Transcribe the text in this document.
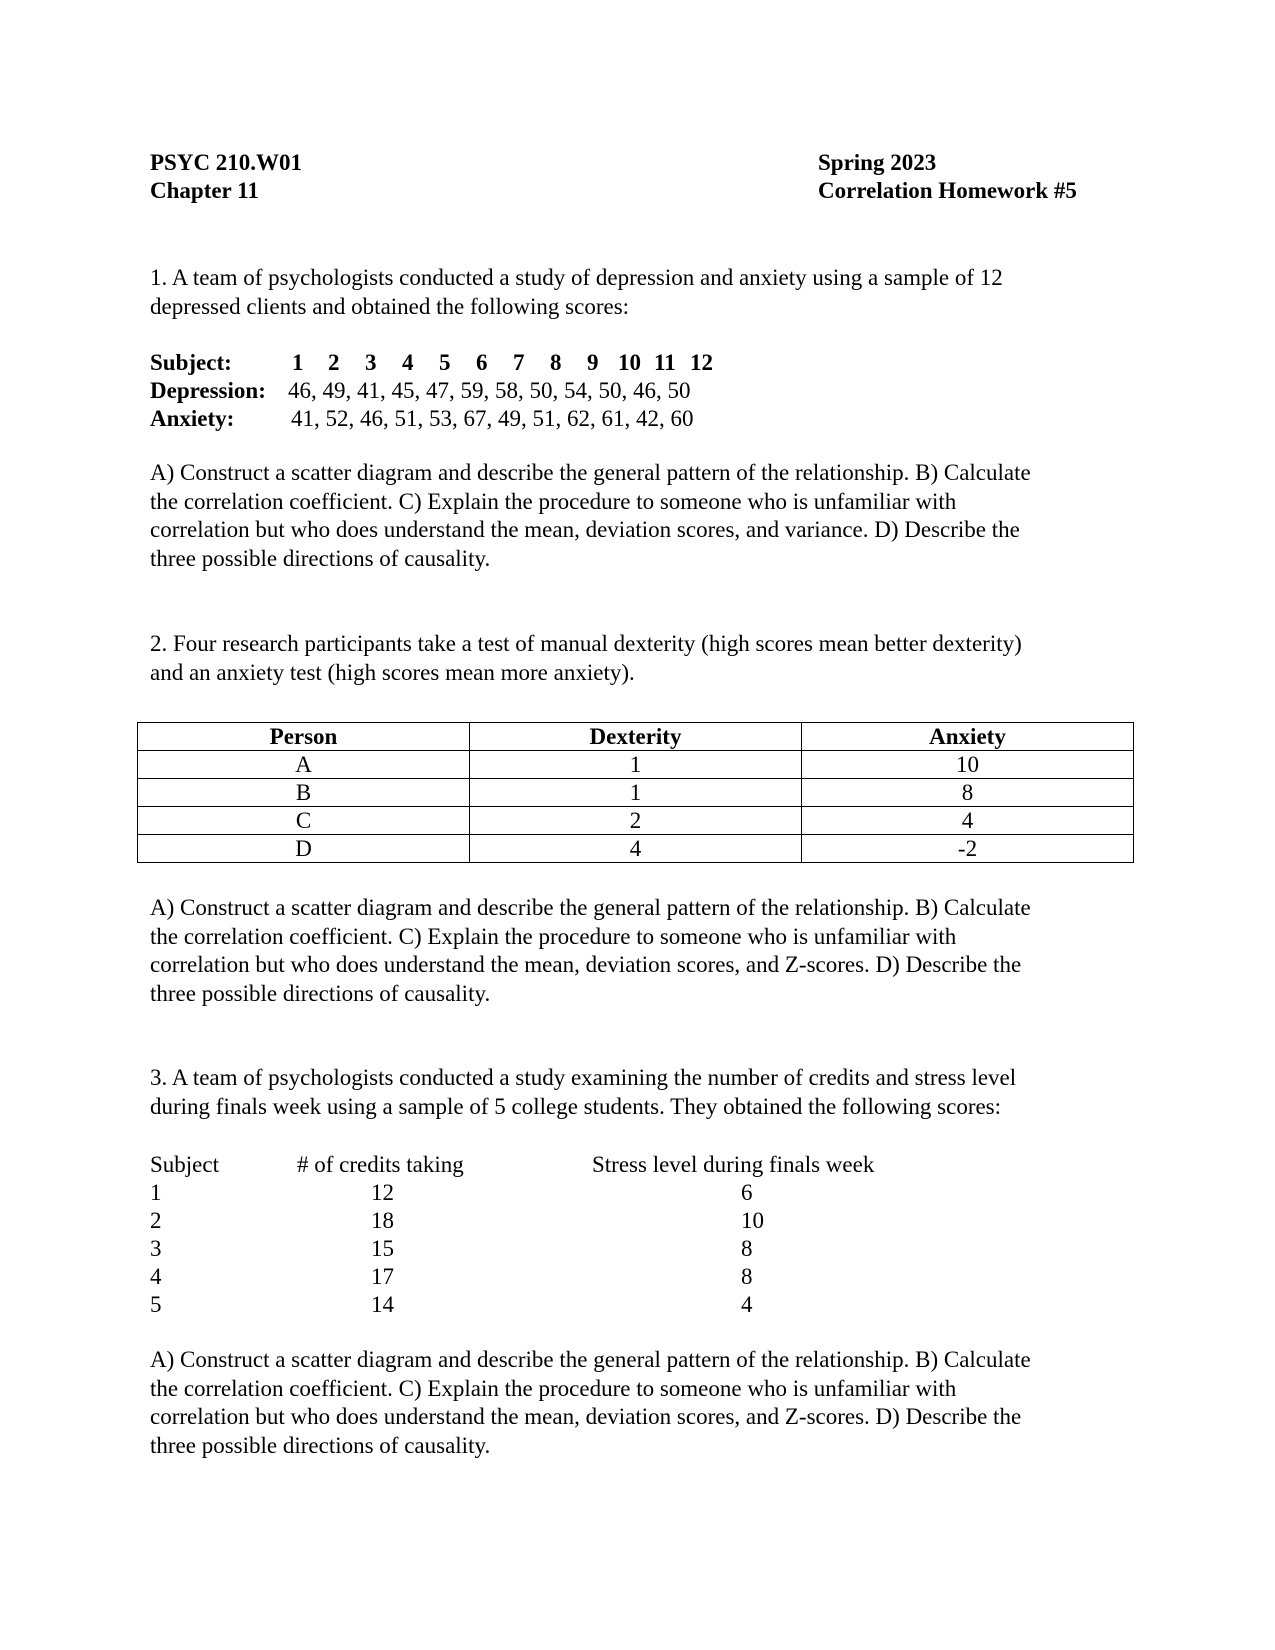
PSYC 210.W01
Chapter 11
Spring 2023
Correlation Homework #5

1. A team of psychologists conducted a study of depression and anxiety using a sample of 12

depressed clients and obtained the following scores:

Subject:	1 2 3 4 5 6 7 8 9 10 11 12
Depression: 46, 49, 41, 45, 47, 59, 58, 50, 54, 50, 46, 50
Anxiety: 41, 52, 46, 51, 53, 67, 49, 51, 62, 61, 42, 60

A) Construct a scatter diagram and describe the general pattern of the relationship. B) Calculate

the correlation coefficient. C) Explain the procedure to someone who is unfamiliar with

correlation but who does understand the mean, deviation scores, and variance. D) Describe the

three possible directions of causality.

2. Four research participants take a test of manual dexterity (high scores mean better dexterity)

and an anxiety test (high scores mean more anxiety).

Person	Dexterity	Anxiety
A	1	10
B	1	8
C	2	4
D	4	-2

A) Construct a scatter diagram and describe the general pattern of the relationship. B) Calculate

the correlation coefficient. C) Explain the procedure to someone who is unfamiliar with

correlation but who does understand the mean, deviation scores, and Z-scores. D) Describe the

three possible directions of causality.

3. A team of psychologists conducted a study examining the number of credits and stress level

during finals week using a sample of 5 college students. They obtained the following scores:

Subject	# of credits taking	Stress level during finals week
1	12	6
2	18	10
3	15	8
4	17	8
5	14	4

A) Construct a scatter diagram and describe the general pattern of the relationship. B) Calculate

the correlation coefficient. C) Explain the procedure to someone who is unfamiliar with

correlation but who does understand the mean, deviation scores, and Z-scores. D) Describe the

three possible directions of causality.
